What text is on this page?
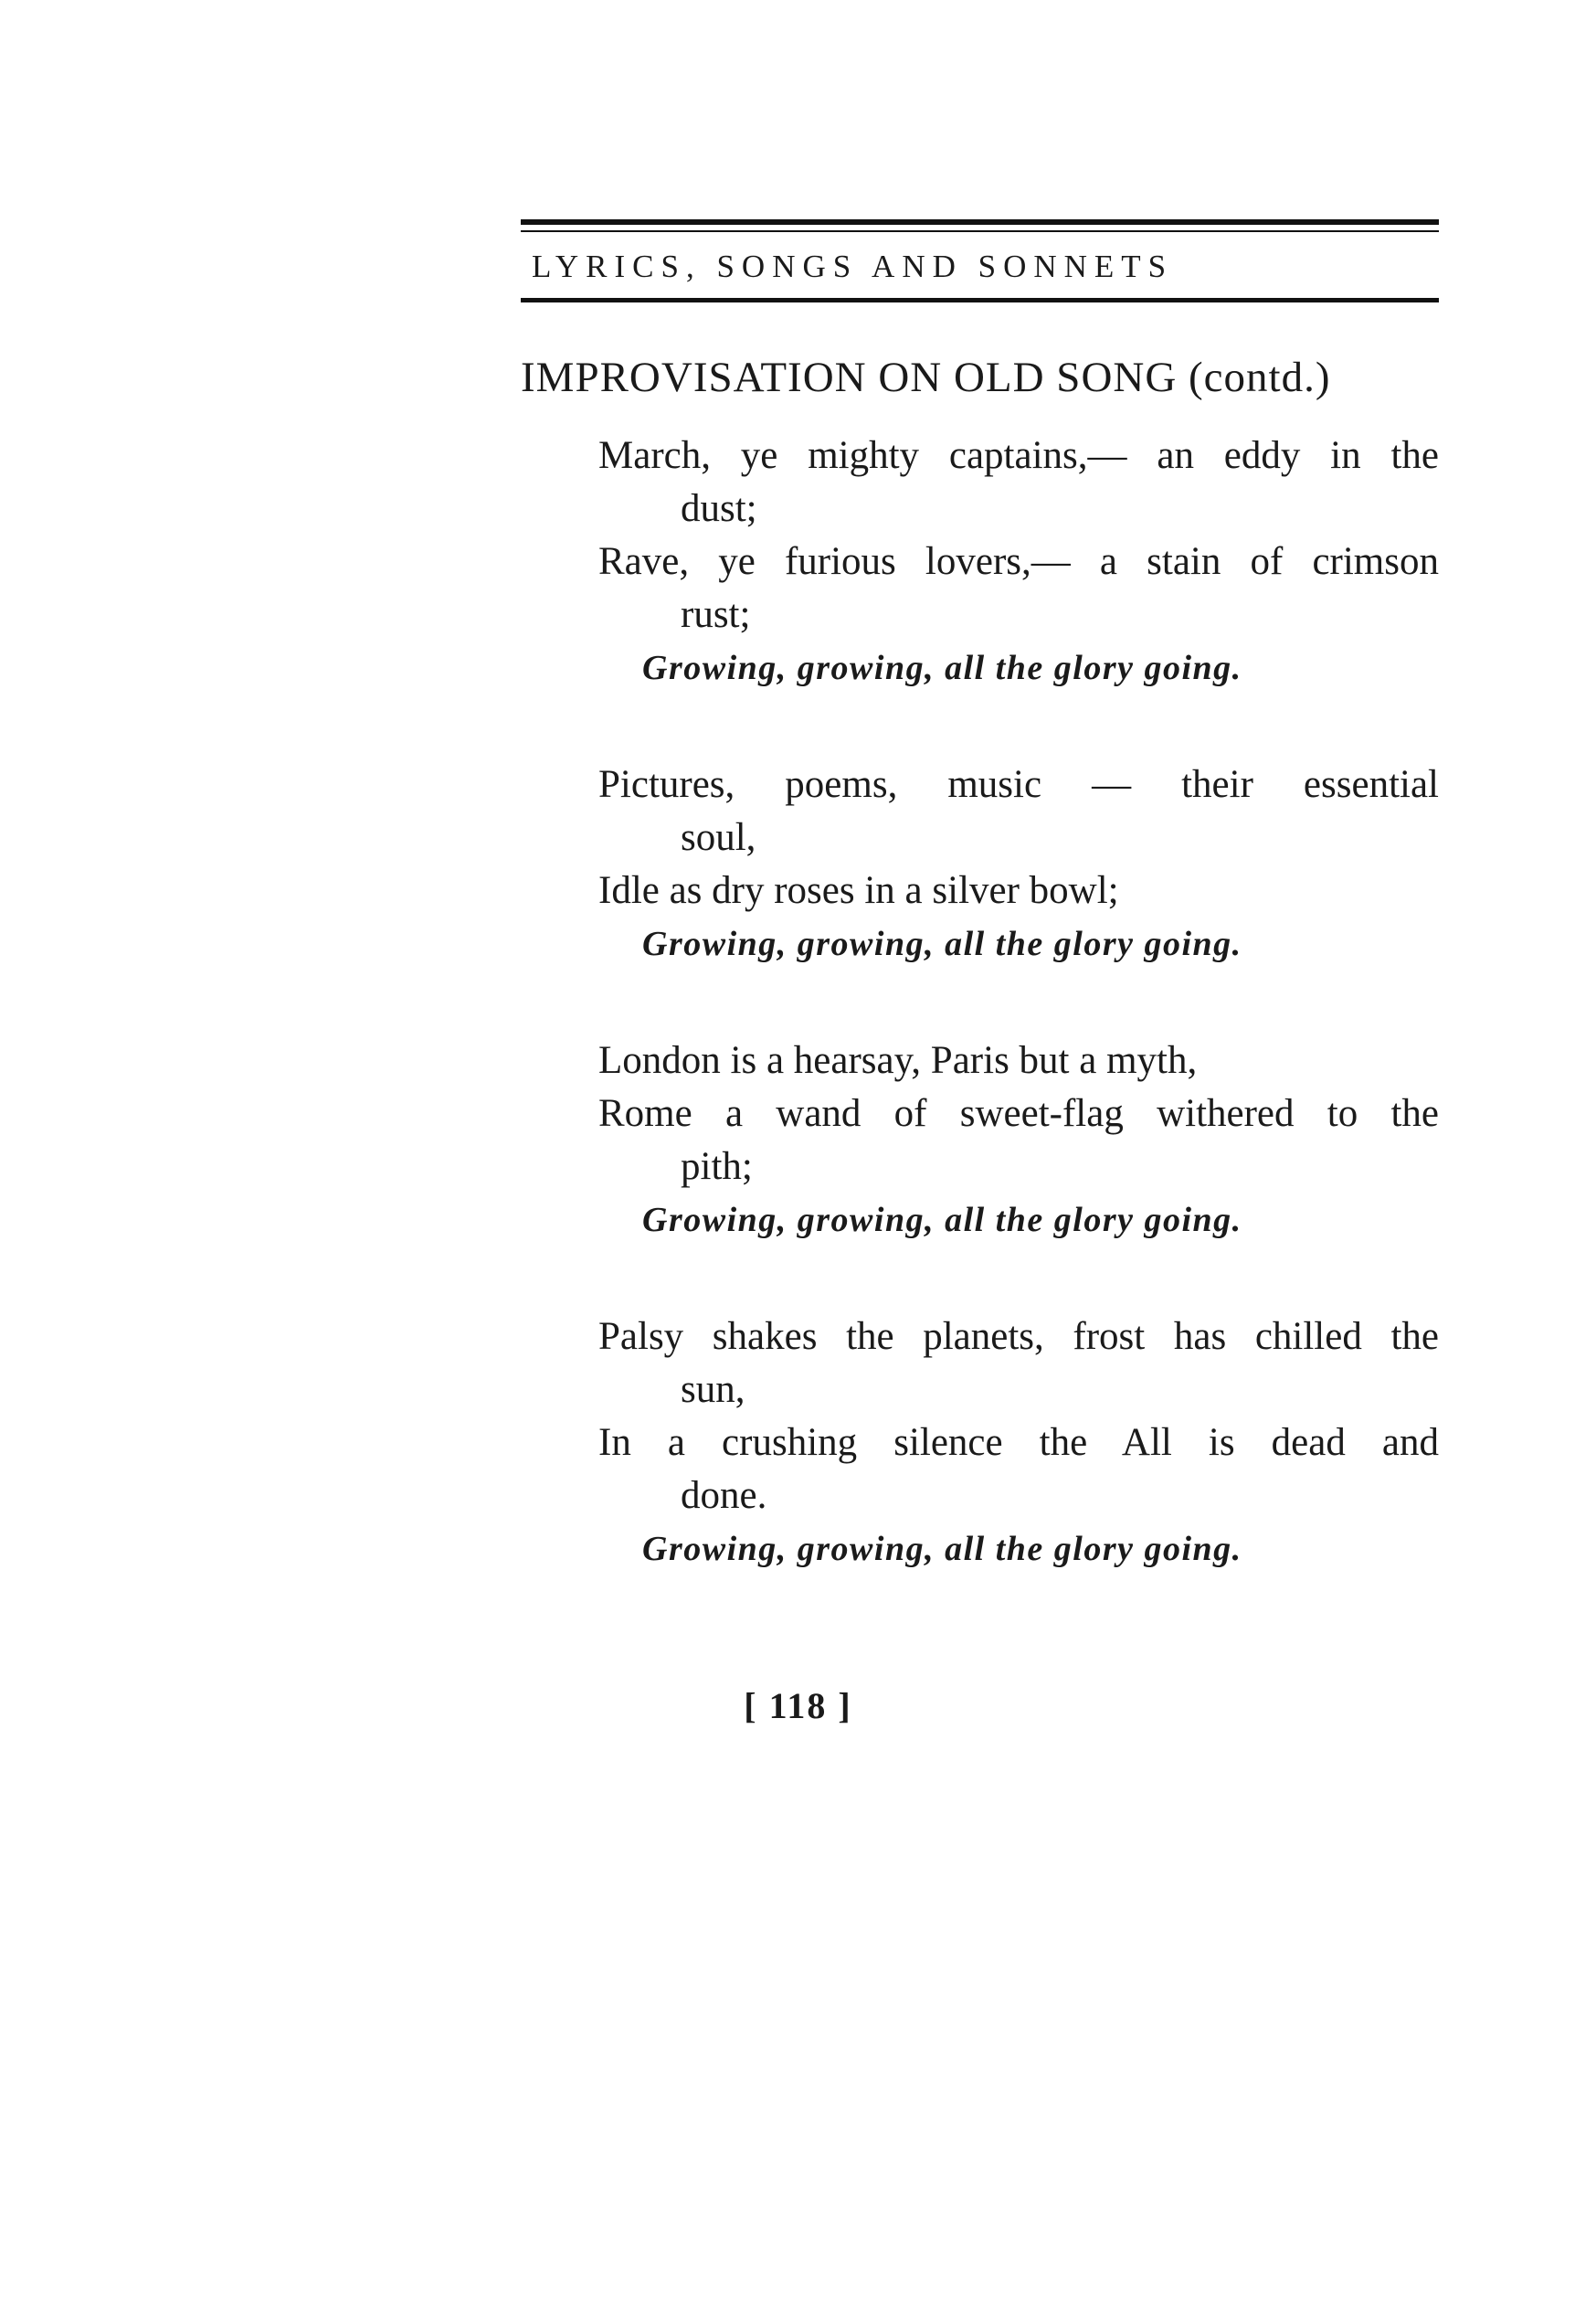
LYRICS, SONGS AND SONNETS
IMPROVISATION ON OLD SONG (contd.)
March, ye mighty captains,— an eddy in the
dust;
Rave, ye furious lovers,— a stain of crimson
rust;
Growing, growing, all the glory going.
Pictures, poems, music — their essential
soul,
Idle as dry roses in a silver bowl;
Growing, growing, all the glory going.
London is a hearsay, Paris but a myth,
Rome a wand of sweet-flag withered to the
pith;
Growing, growing, all the glory going.
Palsy shakes the planets, frost has chilled the
sun,
In a crushing silence the All is dead and
done.
Growing, growing, all the glory going.
[ 118 ]
